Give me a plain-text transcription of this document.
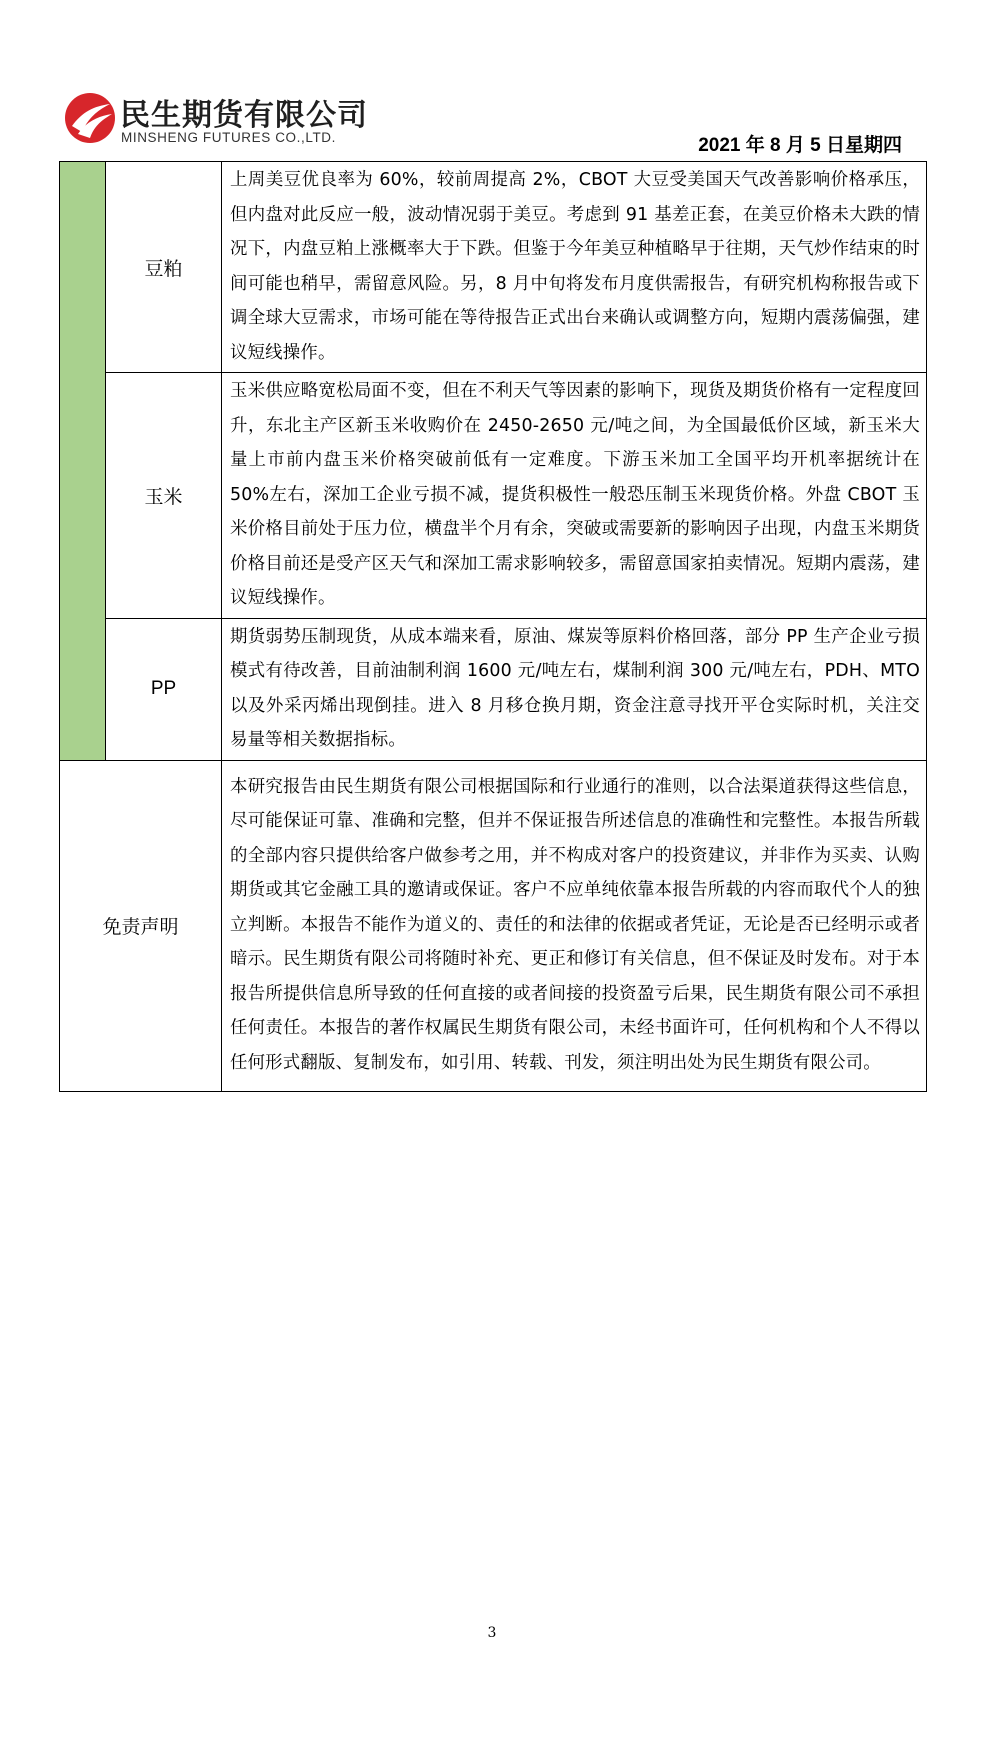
民生期货有限公司
MINSHENG FUTURES CO.,LTD.	2021 年 8 月 5 日星期四
	豆粕	上周美豆优良率为 60%，较前周提高 2%，CBOT 大豆受美国天气改善影响价格承压，但内盘对此反应一般，波动情况弱于美豆。考虑到 91 基差正套，在美豆价格未大跌的情况下，内盘豆粕上涨概率大于下跌。但鉴于今年美豆种植略早于往期，天气炒作结束的时间可能也稍早，需留意风险。另，8 月中旬将发布月度供需报告，有研究机构称报告或下调全球大豆需求，市场可能在等待报告正式出台来确认或调整方向，短期内震荡偏强，建议短线操作。
	玉米	玉米供应略宽松局面不变，但在不利天气等因素的影响下，现货及期货价格有一定程度回升，东北主产区新玉米收购价在 2450-2650 元/吨之间，为全国最低价区域，新玉米大量上市前内盘玉米价格突破前低有一定难度。下游玉米加工全国平均开机率据统计在 50%左右，深加工企业亏损不减，提货积极性一般恐压制玉米现货价格。外盘 CBOT 玉米价格目前处于压力位，横盘半个月有余，突破或需要新的影响因子出现，内盘玉米期货价格目前还是受产区天气和深加工需求影响较多，需留意国家拍卖情况。短期内震荡，建议短线操作。
	PP	期货弱势压制现货，从成本端来看，原油、煤炭等原料价格回落，部分 PP 生产企业亏损模式有待改善，目前油制利润 1600 元/吨左右，煤制利润 300 元/吨左右，PDH、MTO 以及外采丙烯出现倒挂。进入 8 月移仓换月期，资金注意寻找开平仓实际时机，关注交易量等相关数据指标。
免责声明		本研究报告由民生期货有限公司根据国际和行业通行的准则，以合法渠道获得这些信息，尽可能保证可靠、准确和完整，但并不保证报告所述信息的准确性和完整性。本报告所载的全部内容只提供给客户做参考之用，并不构成对客户的投资建议，并非作为买卖、认购期货或其它金融工具的邀请或保证。客户不应单纯依靠本报告所载的内容而取代个人的独立判断。本报告不能作为道义的、责任的和法律的依据或者凭证，无论是否已经明示或者暗示。民生期货有限公司将随时补充、更正和修订有关信息，但不保证及时发布。对于本报告所提供信息所导致的任何直接的或者间接的投资盈亏后果，民生期货有限公司不承担任何责任。本报告的著作权属民生期货有限公司，未经书面许可，任何机构和个人不得以任何形式翻版、复制发布，如引用、转载、刊发，须注明出处为民生期货有限公司。
3
